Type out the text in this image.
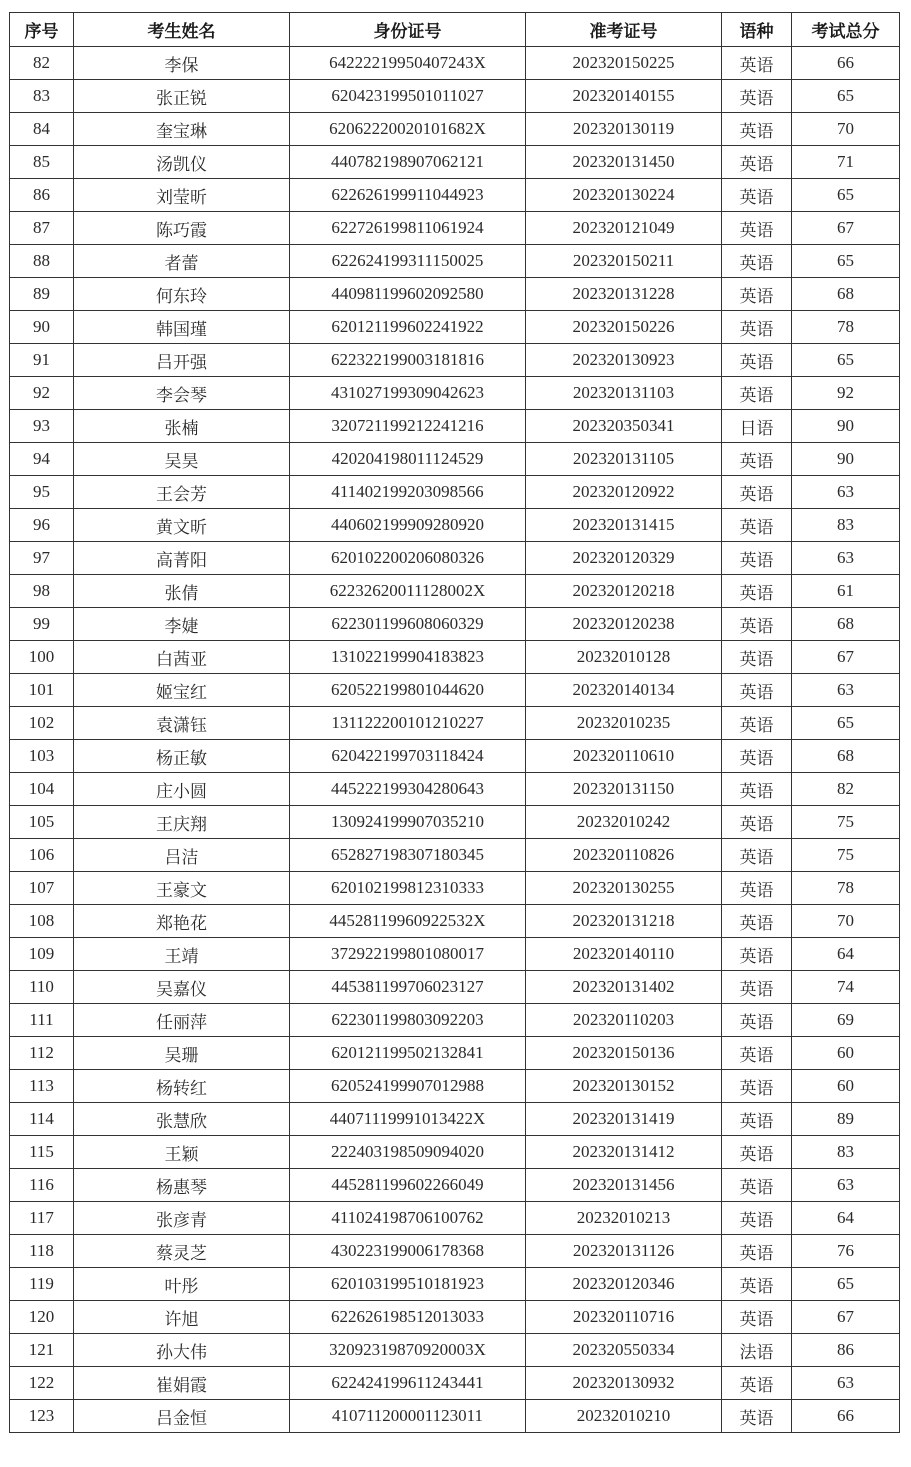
序号	考生姓名	身份证号	准考证号	语种	考试总分
82	李保	64222219950407243X	202320150225	英语	66
83	张正锐	620423199501011027	202320140155	英语	65
84	奎宝琳	62062220020101682X	202320130119	英语	70
85	汤凯仪	440782198907062121	202320131450	英语	71
86	刘莹昕	622626199911044923	202320130224	英语	65
87	陈巧霞	622726199811061924	202320121049	英语	67
88	者蕾	622624199311150025	202320150211	英语	65
89	何东玲	440981199602092580	202320131228	英语	68
90	韩国瑾	620121199602241922	202320150226	英语	78
91	吕开强	622322199003181816	202320130923	英语	65
92	李会琴	431027199309042623	202320131103	英语	92
93	张楠	320721199212241216	202320350341	日语	90
94	吴昊	420204198011124529	202320131105	英语	90
95	王会芳	411402199203098566	202320120922	英语	63
96	黄文昕	440602199909280920	202320131415	英语	83
97	高菁阳	620102200206080326	202320120329	英语	63
98	张倩	62232620011128002X	202320120218	英语	61
99	李婕	622301199608060329	202320120238	英语	68
100	白茜亚	131022199904183823	20232010128	英语	67
101	姬宝红	620522199801044620	202320140134	英语	63
102	袁潇钰	131122200101210227	20232010235	英语	65
103	杨正敏	620422199703118424	202320110610	英语	68
104	庄小圆	445222199304280643	202320131150	英语	82
105	王庆翔	130924199907035210	20232010242	英语	75
106	吕洁	652827198307180345	202320110826	英语	75
107	王豪文	620102199812310333	202320130255	英语	78
108	郑艳花	44528119960922532X	202320131218	英语	70
109	王靖	372922199801080017	202320140110	英语	64
110	吴嘉仪	445381199706023127	202320131402	英语	74
111	任丽萍	622301199803092203	202320110203	英语	69
112	吴珊	620121199502132841	202320150136	英语	60
113	杨转红	620524199907012988	202320130152	英语	60
114	张慧欣	44071119991013422X	202320131419	英语	89
115	王颖	222403198509094020	202320131412	英语	83
116	杨惠琴	445281199602266049	202320131456	英语	63
117	张彦青	411024198706100762	20232010213	英语	64
118	蔡灵芝	430223199006178368	202320131126	英语	76
119	叶彤	620103199510181923	202320120346	英语	65
120	许旭	622626198512013033	202320110716	英语	67
121	孙大伟	32092319870920003X	202320550334	法语	86
122	崔娟霞	622424199611243441	202320130932	英语	63
123	吕金恒	410711200001123011	20232010210	英语	66
